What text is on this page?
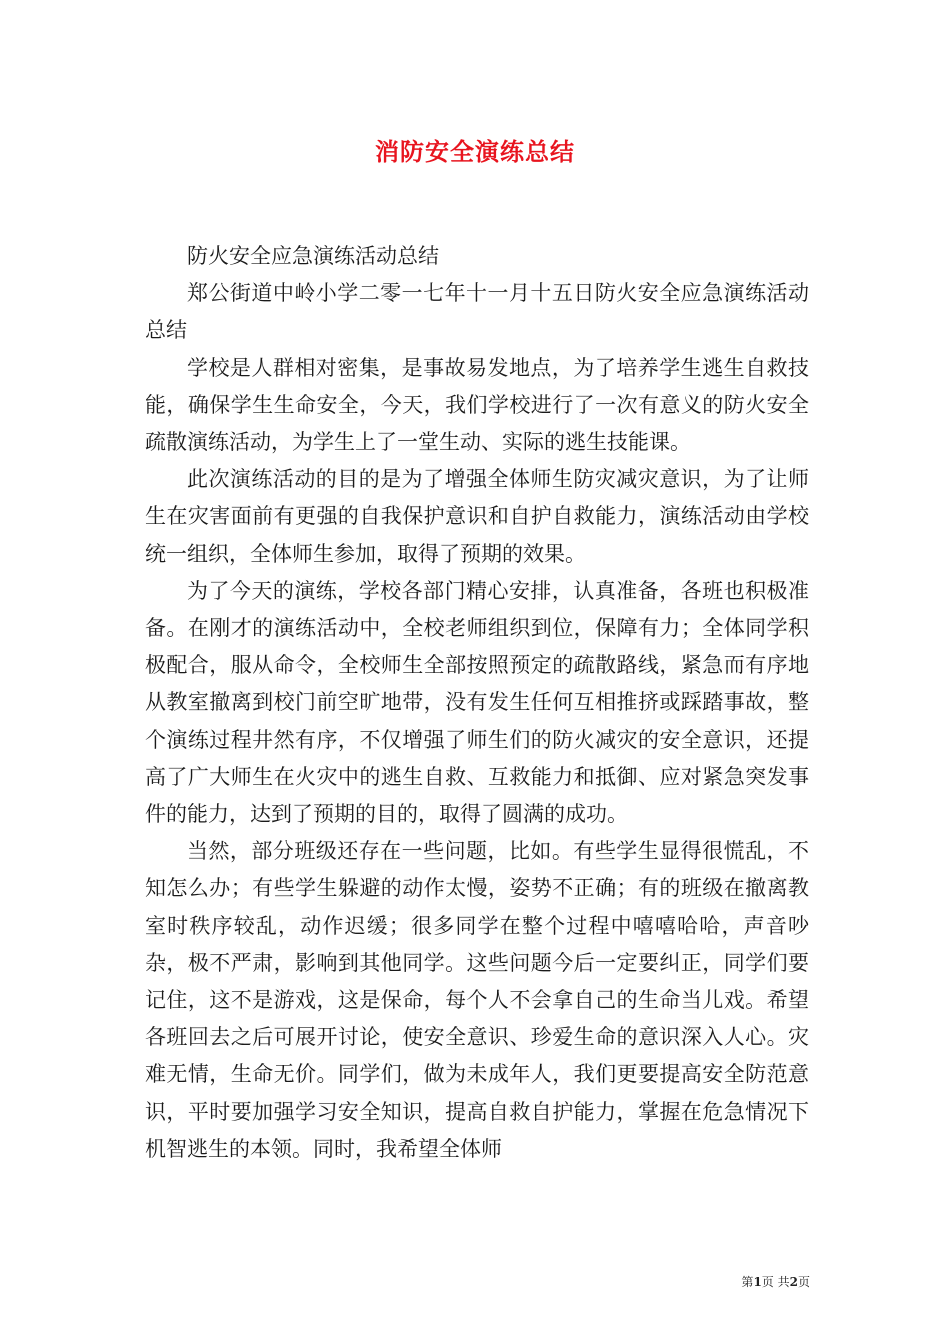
消防安全演练总结

防火安全应急演练活动总结

郑公街道中岭小学二零一七年十一月十五日防火安全应急演练活动总结

学校是人群相对密集，是事故易发地点，为了培养学生逃生自救技能，确保学生生命安全，今天，我们学校进行了一次有意义的防火安全疏散演练活动，为学生上了一堂生动、实际的逃生技能课。

此次演练活动的目的是为了增强全体师生防灾减灾意识，为了让师生在灾害面前有更强的自我保护意识和自护自救能力，演练活动由学校统一组织，全体师生参加，取得了预期的效果。

为了今天的演练，学校各部门精心安排，认真准备，各班也积极准备。在刚才的演练活动中，全校老师组织到位，保障有力；全体同学积极配合，服从命令，全校师生全部按照预定的疏散路线，紧急而有序地从教室撤离到校门前空旷地带，没有发生任何互相推挤或踩踏事故，整个演练过程井然有序，不仅增强了师生们的防火减灾的安全意识，还提高了广大师生在火灾中的逃生自救、互救能力和抵御、应对紧急突发事件的能力，达到了预期的目的，取得了圆满的成功。

当然，部分班级还存在一些问题，比如。有些学生显得很慌乱，不知怎么办；有些学生躲避的动作太慢，姿势不正确；有的班级在撤离教室时秩序较乱，动作迟缓；很多同学在整个过程中嘻嘻哈哈，声音吵杂，极不严肃，影响到其他同学。这些问题今后一定要纠正，同学们要记住，这不是游戏，这是保命，每个人不会拿自己的生命当儿戏。希望各班回去之后可展开讨论，使安全意识、珍爱生命的意识深入人心。灾难无情，生命无价。同学们，做为未成年人，我们更要提高安全防范意识，平时要加强学习安全知识，提高自救自护能力，掌握在危急情况下机智逃生的本领。同时，我希望全体师

第1页 共2页
